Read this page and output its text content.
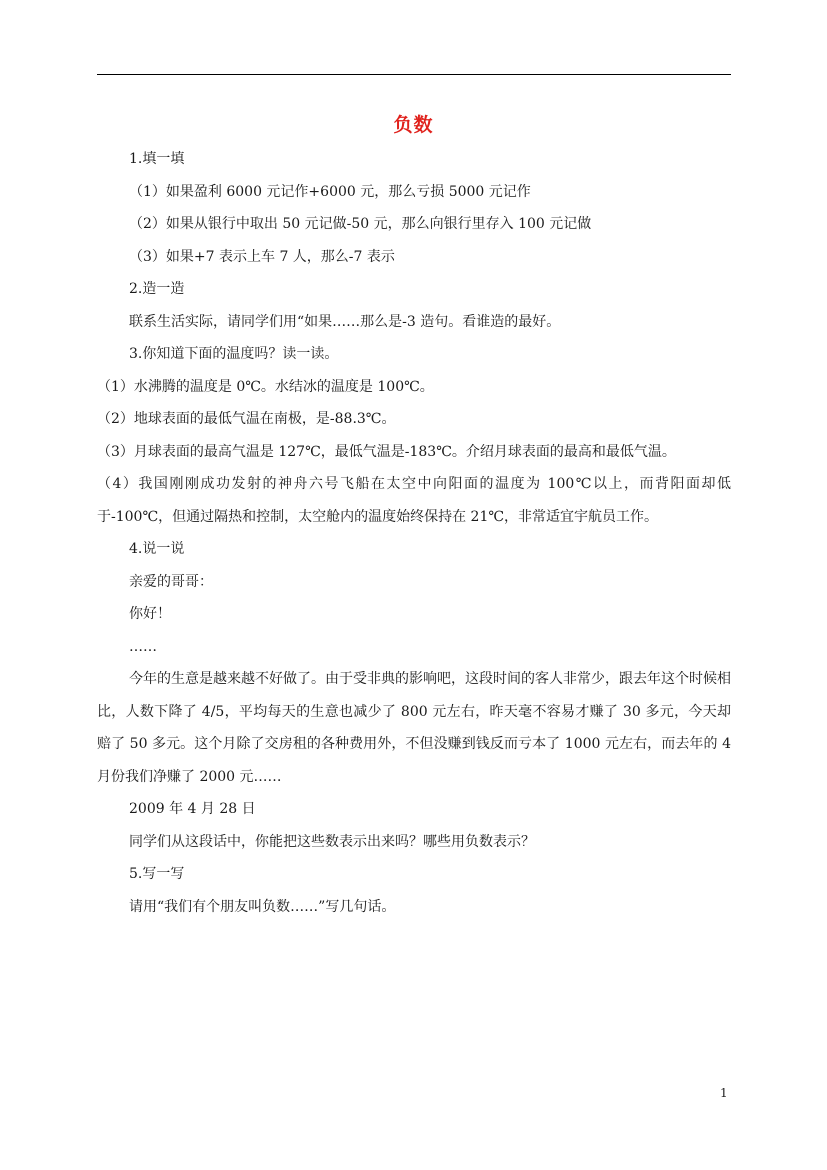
负数
1.填一填
（1）如果盈利 6000 元记作+6000 元，那么亏损 5000 元记作
（2）如果从银行中取出 50 元记做-50 元，那么向银行里存入 100 元记做
（3）如果+7 表示上车 7 人，那么-7 表示
2.造一造
联系生活实际，请同学们用“如果……那么是-3 造句。看谁造的最好。
3.你知道下面的温度吗？读一读。
（1）水沸腾的温度是 0℃。水结冰的温度是 100℃。
（2）地球表面的最低气温在南极，是-88.3℃。
（3）月球表面的最高气温是 127℃，最低气温是-183℃。介绍月球表面的最高和最低气温。
（4）我国刚刚成功发射的神舟六号飞船在太空中向阳面的温度为 100℃以上，而背阳面却低于-100℃，但通过隔热和控制，太空舱内的温度始终保持在 21℃，非常适宜宇航员工作。
4.说一说
亲爱的哥哥：
你好！
……
今年的生意是越来越不好做了。由于受非典的影响吧，这段时间的客人非常少，跟去年这个时候相比，人数下降了 4/5，平均每天的生意也减少了 800 元左右，昨天毫不容易才赚了 30 多元，今天却赔了 50 多元。这个月除了交房租的各种费用外，不但没赚到钱反而亏本了 1000 元左右，而去年的 4 月份我们净赚了 2000 元……
2009 年 4 月 28 日
同学们从这段话中，你能把这些数表示出来吗？哪些用负数表示？
5.写一写
请用“我们有个朋友叫负数……”写几句话。
1
